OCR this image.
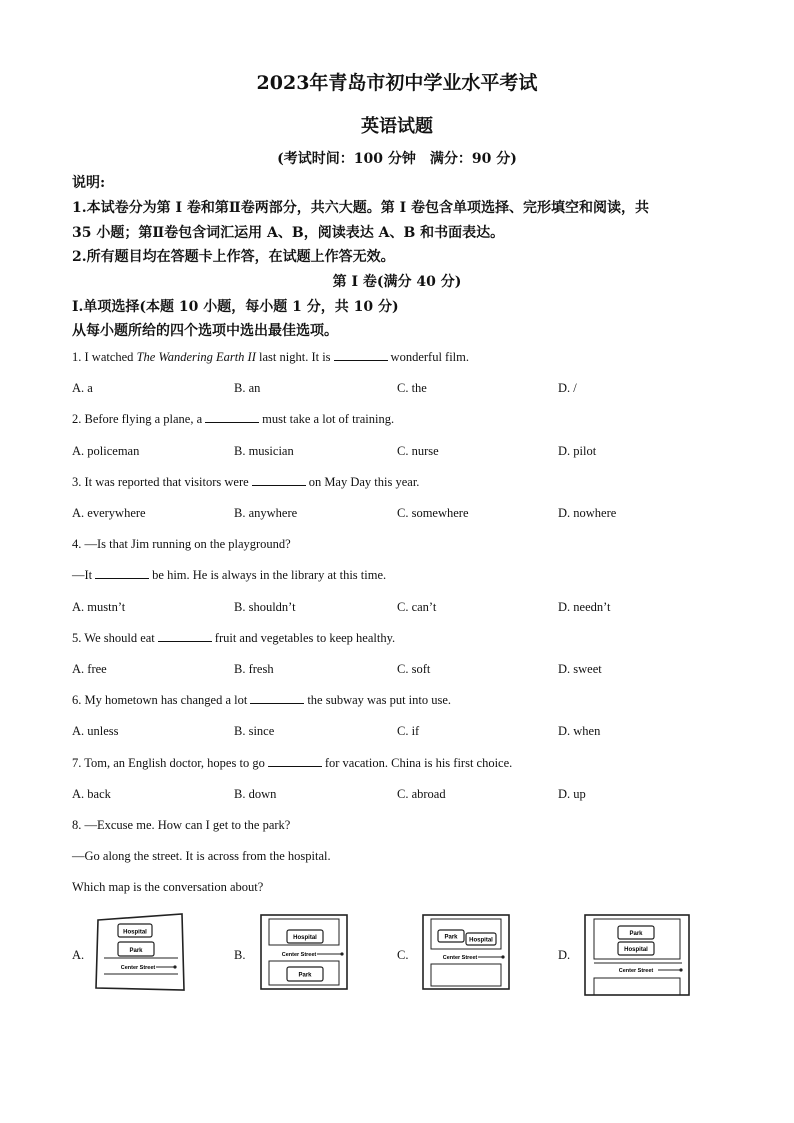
2023年青岛市初中学业水平考试
英语试题
(考试时间：100 分钟　满分：90 分)
说明:
1.本试卷分为第 I 卷和第Ⅱ卷两部分，共六大题。第 I 卷包含单项选择、完形填空和阅读，共
35 小题；第Ⅱ卷包含词汇运用 A、B，阅读表达 A、B 和书面表达。
2.所有题目均在答题卡上作答，在试题上作答无效。
第 I 卷(满分 40 分)
I.单项选择(本题 10 小题，每小题 1 分，共 10 分)
从每小题所给的四个选项中选出最佳选项。
1. I watched The Wandering Earth II last night. It is	wonderful film.
A. a	B. an	C. the	D. /
2. Before flying a plane, a	must take a lot of training.
A. policeman	B. musician	C. nurse	D. pilot
3. It was reported that visitors were	on May Day this year.
A. everywhere	B. anywhere	C. somewhere	D. nowhere
4. —Is that Jim running on the playground?
—It	be him. He is always in the library at this time.
A. mustn’t	B. shouldn’t	C. can’t	D. needn’t
5. We should eat	fruit and vegetables to keep healthy.
A. free	B. fresh	C. soft	D. sweet
6. My hometown has changed a lot	the subway was put into use.
A. unless	B. since	C. if	D. when
7. Tom, an English doctor, hopes to go	for vacation. China is his first choice.
A. back	B. down	C. abroad	D. up
8. —Excuse me. How can I get to the park?
—Go along the street. It is across from the hospital.
Which map is the conversation about?
A.
Hospital
Park
Center Street
B.
Hospital
Center Street
Park
C.
Park Hospital
Center Street	D.
Park
Hospital
Center Street
